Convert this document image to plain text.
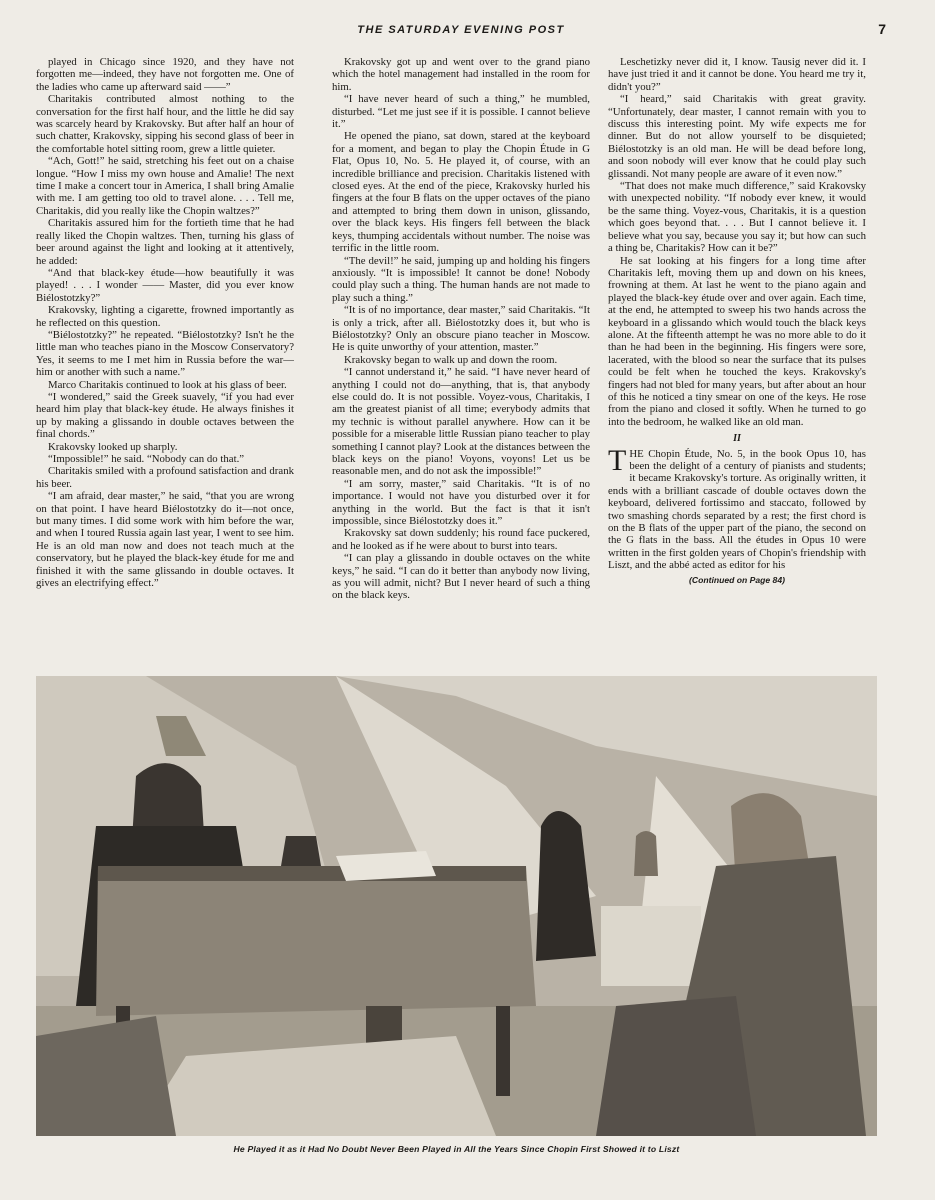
THE SATURDAY EVENING POST	7

played in Chicago since 1920, and they have not forgotten me—indeed, they have not forgotten me. One of the ladies who came up afterward said ——”

Charitakis contributed almost nothing to the conversation for the first half hour, and the little he did say was scarcely heard by Krakovsky. But after half an hour of such chatter, Krakovsky, sipping his second glass of beer in the comfortable hotel sitting room, grew a little quieter.

“Ach, Gott!” he said, stretching his feet out on a chaise longue. “How I miss my own house and Amalie! The next time I make a concert tour in America, I shall bring Amalie with me. I am getting too old to travel alone. . . . Tell me, Charitakis, did you really like the Chopin waltzes?”

Charitakis assured him for the fortieth time that he had really liked the Chopin waltzes. Then, turning his glass of beer around against the light and looking at it attentively, he added:

“And that black-key étude—how beautifully it was played! . . . I wonder —— Master, did you ever know Biélostotzky?”

Krakovsky, lighting a cigarette, frowned importantly as he reflected on this question.

“Biélostotzky?” he repeated. “Biélostotzky? Isn't he the little man who teaches piano in the Moscow Conservatory? Yes, it seems to me I met him in Russia before the war—him or another with such a name.”

Marco Charitakis continued to look at his glass of beer.

“I wondered,” said the Greek suavely, “if you had ever heard him play that black-key étude. He always finishes it up by making a glissando in double octaves between the final chords.”

Krakovsky looked up sharply.

“Impossible!” he said. “Nobody can do that.”

Charitakis smiled with a profound satisfaction and drank his beer.

“I am afraid, dear master,” he said, “that you are wrong on that point. I have heard Biélostotzky do it—not once, but many times. I did some work with him before the war, and when I toured Russia again last year, I went to see him. He is an old man now and does not teach much at the conservatory, but he played the black-key étude for me and finished it with the same glissando in double octaves. It gives an electrifying effect.”

Krakovsky got up and went over to the grand piano which the hotel management had installed in the room for him.

“I have never heard of such a thing,” he mumbled, disturbed. “Let me just see if it is possible. I cannot believe it.”

He opened the piano, sat down, stared at the keyboard for a moment, and began to play the Chopin Étude in G Flat, Opus 10, No. 5. He played it, of course, with an incredible brilliance and precision. Charitakis listened with closed eyes. At the end of the piece, Krakovsky hurled his fingers at the four B flats on the upper octaves of the piano and attempted to bring them down in unison, glissando, over the black keys. His fingers fell between the black keys, thumping accidentals without number. The noise was terrific in the little room.

“The devil!” he said, jumping up and holding his fingers anxiously. “It is impossible! It cannot be done! Nobody could play such a thing. The human hands are not made to play such a thing.”

“It is of no importance, dear master,” said Charitakis. “It is only a trick, after all. Biélostotzky does it, but who is Biélostotzky? Only an obscure piano teacher in Moscow. He is quite unworthy of your attention, master.”

Krakovsky began to walk up and down the room.

“I cannot understand it,” he said. “I have never heard of anything I could not do—anything, that is, that anybody else could do. It is not possible. Voyez-vous, Charitakis, I am the greatest pianist of all time; everybody admits that my technic is without parallel anywhere. How can it be possible for a miserable little Russian piano teacher to play something I cannot play? Look at the distances between the black keys on the piano! Voyons, voyons! Let us be reasonable men, and do not ask the impossible!”

“I am sorry, master,” said Charitakis. “It is of no importance. I would not have you disturbed over it for anything in the world. But the fact is that it isn't impossible, since Biélostotzky does it.”

Krakovsky sat down suddenly; his round face puckered, and he looked as if he were about to burst into tears.

“I can play a glissando in double octaves on the white keys,” he said. “I can do it better than anybody now living, as you will admit, nicht? But I never heard of such a thing on the black keys.

Leschetizky never did it, I know. Tausig never did it. I have just tried it and it cannot be done. You heard me try it, didn't you?”

“I heard,” said Charitakis with great gravity. “Unfortunately, dear master, I cannot remain with you to discuss this interesting point. My wife expects me for dinner. But do not allow yourself to be disquieted; Biélostotzky is an old man. He will be dead before long, and soon nobody will ever know that he could play such glissandi. Not many people are aware of it even now.”

“That does not make much difference,” said Krakovsky with unexpected nobility. “If nobody ever knew, it would be the same thing. Voyez-vous, Charitakis, it is a question which goes beyond that. . . . But I cannot believe it. I believe what you say, because you say it; but how can such a thing be, Charitakis? How can it be?”

He sat looking at his fingers for a long time after Charitakis left, moving them up and down on his knees, frowning at them. At last he went to the piano again and played the black-key étude over and over again. Each time, at the end, he attempted to sweep his two hands across the keyboard in a glissando which would touch the black keys alone. At the fifteenth attempt he was no more able to do it than he had been in the beginning. His fingers were sore, lacerated, with the blood so near the surface that its pulses could be felt when he touched the keys. Krakovsky's fingers had not bled for many years, but after about an hour of this he noticed a tiny smear on one of the keys. He rose from the piano and closed it softly. When he turned to go into the bedroom, he walked like an old man.

II

THE Chopin Étude, No. 5, in the book Opus 10, has been the delight of a century of pianists and students; it became Krakovsky's torture. As originally written, it ends with a brilliant cascade of double octaves down the keyboard, delivered fortissimo and staccato, followed by two smashing chords separated by a rest; the first chord is on the B flats of the upper part of the piano, the second on the G flats in the bass. All the études in Opus 10 were written in the first golden years of Chopin's friendship with Liszt, and the abbé acted as editor for his

(Continued on Page 84)
He Played it as it Had No Doubt Never Been Played in All the Years Since Chopin First Showed it to Liszt
